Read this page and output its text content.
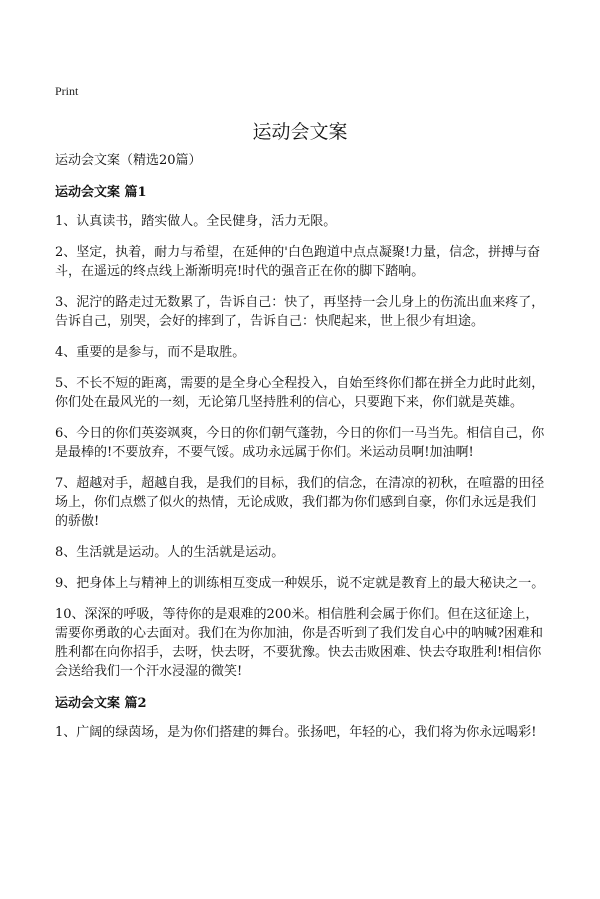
Print
运动会文案
运动会文案（精选20篇）
运动会文案 篇1
1、认真读书，踏实做人。全民健身，活力无限。
2、坚定，执着，耐力与希望，在延伸的'白色跑道中点点凝聚!力量，信念，拼搏与奋斗，在遥远的终点线上渐渐明亮!时代的强音正在你的脚下踏响。
3、泥泞的路走过无数累了，告诉自己：快了，再坚持一会儿身上的伤流出血来疼了，告诉自己，别哭，会好的摔到了，告诉自己：快爬起来，世上很少有坦途。
4、重要的是参与，而不是取胜。
5、不长不短的距离，需要的是全身心全程投入，自始至终你们都在拼全力此时此刻，你们处在最风光的一刻，无论第几坚持胜利的信心，只要跑下来，你们就是英雄。
6、今日的你们英姿飒爽，今日的你们朝气蓬勃，今日的你们一马当先。相信自己，你是最棒的!不要放弃，不要气馁。成功永远属于你们。米运动员啊!加油啊!
7、超越对手，超越自我，是我们的目标，我们的信念，在清凉的初秋，在喧嚣的田径场上，你们点燃了似火的热情，无论成败，我们都为你们感到自豪，你们永远是我们的骄傲!
8、生活就是运动。人的生活就是运动。
9、把身体上与精神上的训练相互变成一种娱乐，说不定就是教育上的最大秘诀之一。
10、深深的呼吸，等待你的是艰难的200米。相信胜利会属于你们。但在这征途上，需要你勇敢的心去面对。我们在为你加油，你是否听到了我们发自心中的呐喊?困难和胜利都在向你招手，去呀，快去呀，不要犹豫。快去击败困难、快去夺取胜利!相信你会送给我们一个汗水浸湿的微笑!
运动会文案 篇2
1、广阔的绿茵场，是为你们搭建的舞台。张扬吧，年轻的心，我们将为你永远喝彩!
